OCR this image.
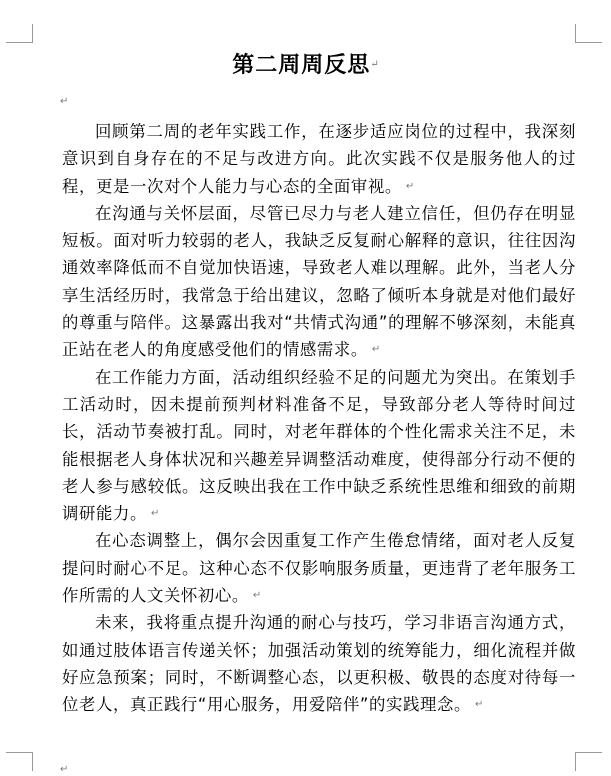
第二周周反思↵
↵

回顾第二周的老年实践工作，在逐步适应岗位的过程中，我深刻意识到自身存在的不足与改进方向。此次实践不仅是服务他人的过程，更是一次对个人能力与心态的全面审视。 ↵

在沟通与关怀层面，尽管已尽力与老人建立信任，但仍存在明显短板。面对听力较弱的老人，我缺乏反复耐心解释的意识，往往因沟通效率降低而不自觉加快语速，导致老人难以理解。此外，当老人分享生活经历时，我常急于给出建议，忽略了倾听本身就是对他们最好的尊重与陪伴。这暴露出我对“共情式沟通”的理解不够深刻，未能真正站在老人的角度感受他们的情感需求。 ↵

在工作能力方面，活动组织经验不足的问题尤为突出。在策划手工活动时，因未提前预判材料准备不足，导致部分老人等待时间过长，活动节奏被打乱。同时，对老年群体的个性化需求关注不足，未能根据老人身体状况和兴趣差异调整活动难度，使得部分行动不便的老人参与感较低。这反映出我在工作中缺乏系统性思维和细致的前期调研能力。 ↵

在心态调整上，偶尔会因重复工作产生倦怠情绪，面对老人反复提问时耐心不足。这种心态不仅影响服务质量，更违背了老年服务工作所需的人文关怀初心。 ↵

未来，我将重点提升沟通的耐心与技巧，学习非语言沟通方式，如通过肢体语言传递关怀；加强活动策划的统筹能力，细化流程并做好应急预案；同时，不断调整心态，以更积极、敬畏的态度对待每一位老人，真正践行“用心服务，用爱陪伴”的实践理念。 ↵

↵
